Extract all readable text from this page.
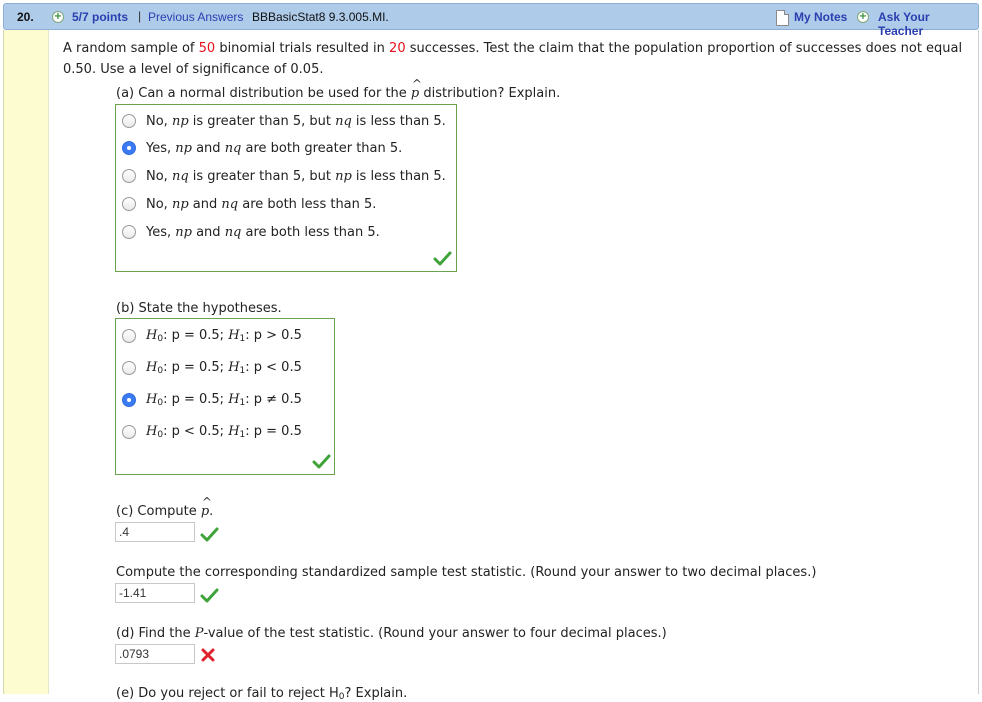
20. + 5/7 points | Previous Answers BBBasicStat8 9.3.005.MI.	My Notes + Ask Your Teacher
A random sample of 50 binomial trials resulted in 20 successes. Test the claim that the population proportion of successes does not equal 0.50. Use a level of significance of 0.05.
(a) Can a normal distribution be used for the ^ p distribution? Explain.
No, np is greater than 5, but nq is less than 5.
Yes, np and nq are both greater than 5.
No, nq is greater than 5, but np is less than 5.
No, np and nq are both less than 5.
Yes, np and nq are both less than 5.
(b) State the hypotheses.
$H_0$: p = 0.5; $H_1$: p > 0.5
$H_0$: p = 0.5; $H_1$: p < 0.5
$H_0$: p = 0.5; $H_1$: p ≠ 0.5
$H_0$: p < 0.5; $H_1$: p = 0.5
(c) Compute ^ p.
.4
Compute the corresponding standardized sample test statistic. (Round your answer to two decimal places.)
-1.41
(d) Find the P-value of the test statistic. (Round your answer to four decimal places.)
.0793
(e) Do you reject or fail to reject $H_0$? Explain.
